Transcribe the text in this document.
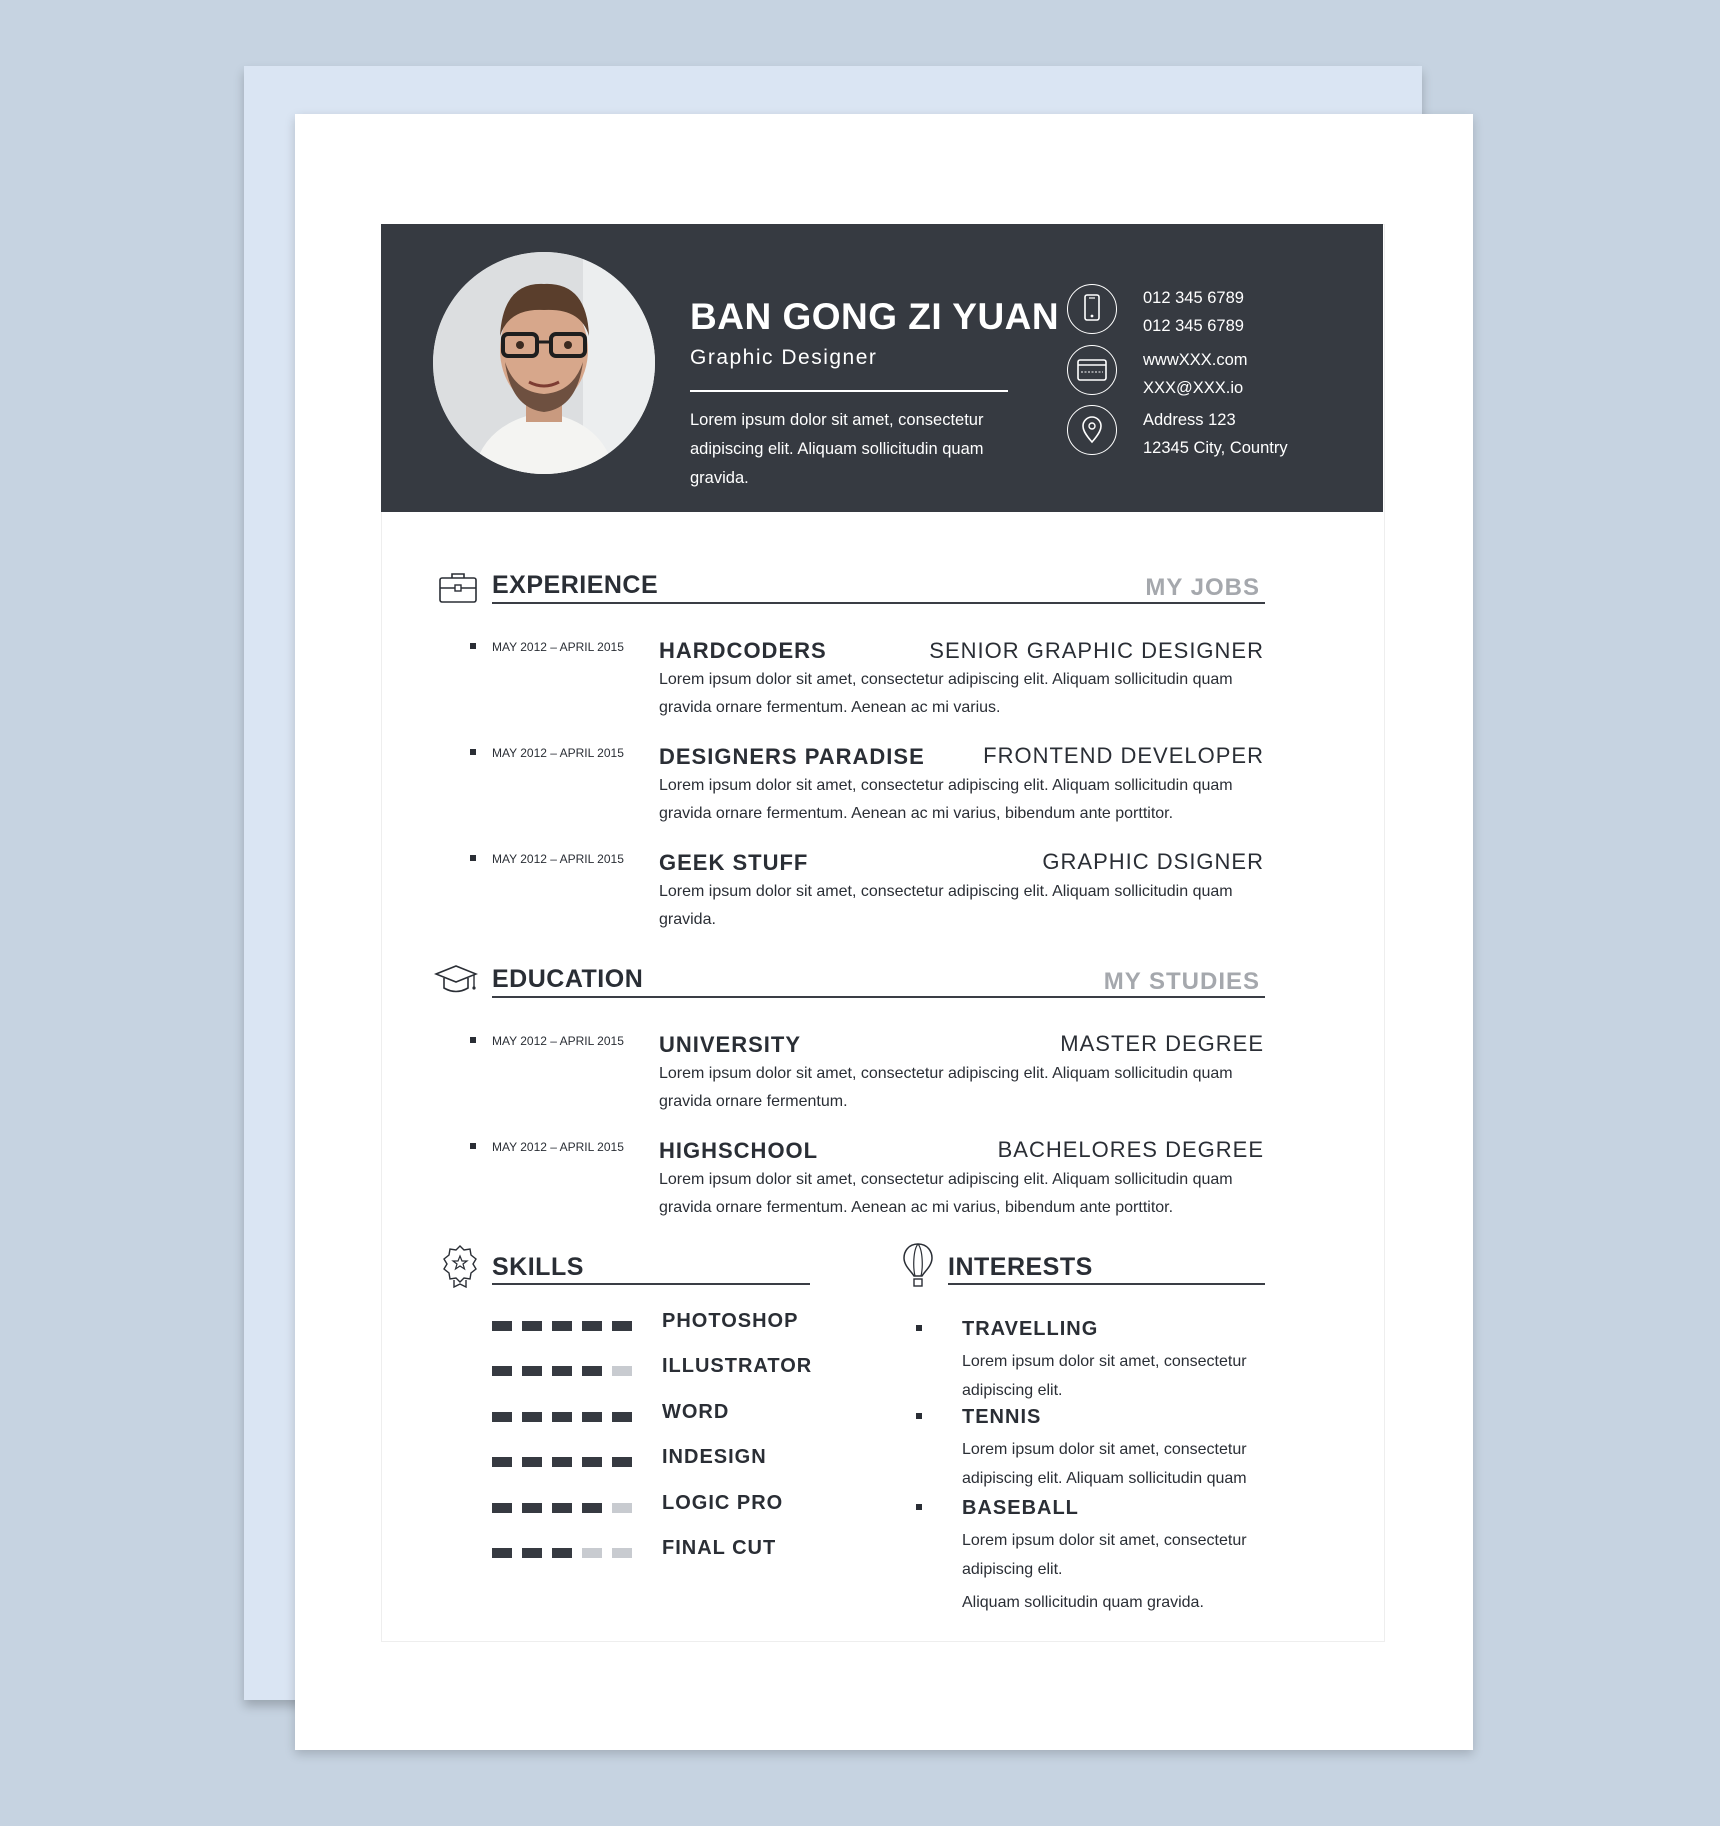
BAN GONG ZI YUAN
Graphic Designer
Lorem ipsum dolor sit amet, consectetur adipiscing elit. Aliquam sollicitudin quam gravida.
012 345 6789
012 345 6789
wwwXXX.com
XXX@XXX.io
Address 123
12345 City, Country
EXPERIENCE	MY JOBS
MAY 2012 – APRIL 2015 HARDCODERS	SENIOR GRAPHIC DESIGNER
Lorem ipsum dolor sit amet, consectetur adipiscing elit. Aliquam sollicitudin quam gravida ornare fermentum. Aenean ac mi varius.
MAY 2012 – APRIL 2015 DESIGNERS PARADISE	FRONTEND DEVELOPER
Lorem ipsum dolor sit amet, consectetur adipiscing elit. Aliquam sollicitudin quam gravida ornare fermentum. Aenean ac mi varius, bibendum ante porttitor.
MAY 2012 – APRIL 2015 GEEK STUFF	GRAPHIC DSIGNER
Lorem ipsum dolor sit amet, consectetur adipiscing elit. Aliquam sollicitudin quam gravida.
EDUCATION	MY STUDIES
MAY 2012 – APRIL 2015 UNIVERSITY	MASTER DEGREE
Lorem ipsum dolor sit amet, consectetur adipiscing elit. Aliquam sollicitudin quam gravida ornare fermentum.
MAY 2012 – APRIL 2015 HIGHSCHOOL	BACHELORES DEGREE
Lorem ipsum dolor sit amet, consectetur adipiscing elit. Aliquam sollicitudin quam gravida ornare fermentum. Aenean ac mi varius, bibendum ante porttitor.
SKILLS
PHOTOSHOP
ILLUSTRATOR
WORD
INDESIGN
LOGIC PRO
FINAL CUT
INTERESTS
TRAVELLING
Lorem ipsum dolor sit amet, consectetur adipiscing elit.
TENNIS
Lorem ipsum dolor sit amet, consectetur adipiscing elit. Aliquam sollicitudin quam
BASEBALL
Lorem ipsum dolor sit amet, consectetur adipiscing elit.
Aliquam sollicitudin quam gravida.
